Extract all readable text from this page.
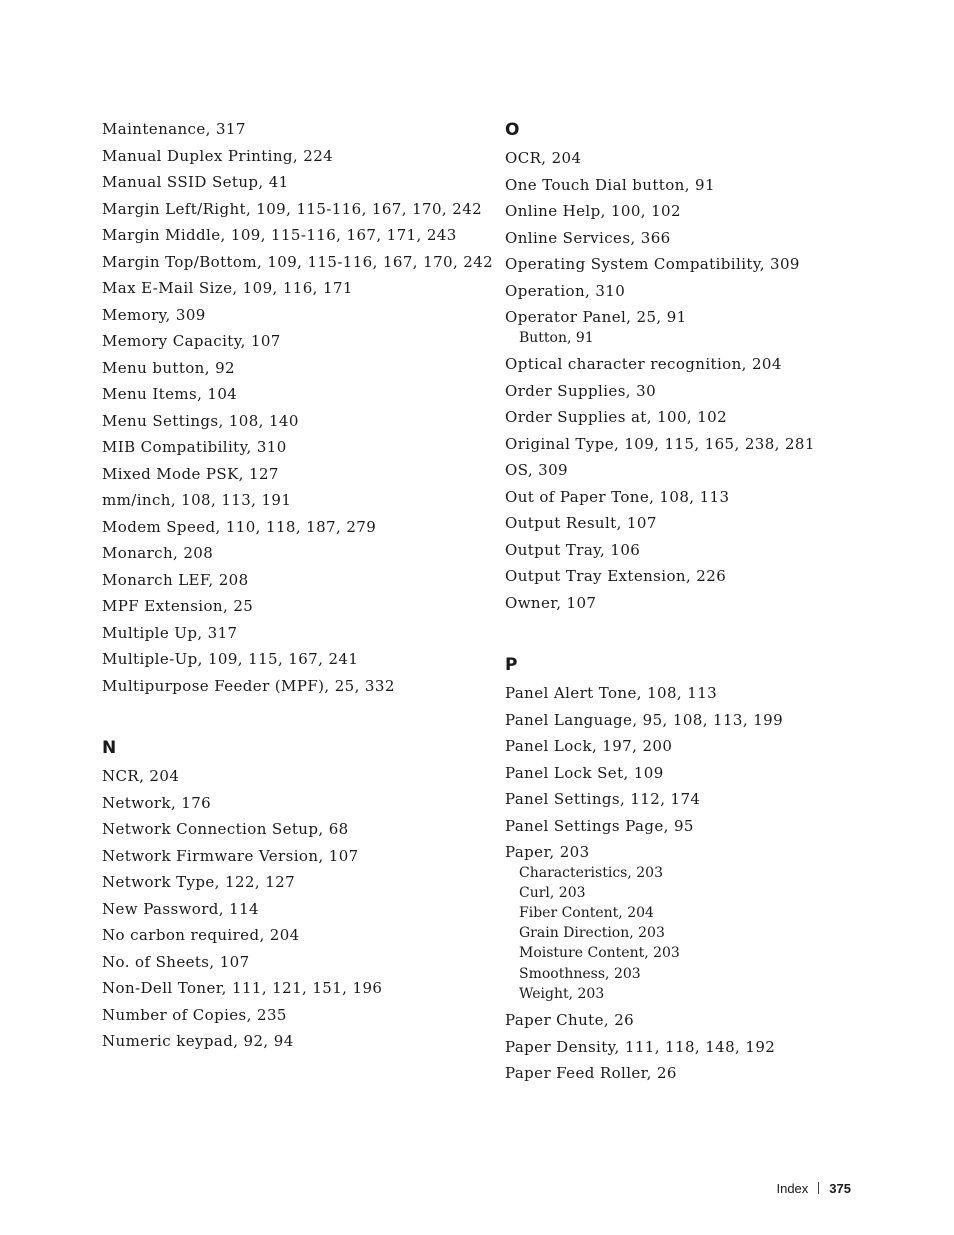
Maintenance, 317
Manual Duplex Printing, 224
Manual SSID Setup, 41
Margin Left/Right, 109, 115-116, 167, 170, 242
Margin Middle, 109, 115-116, 167, 171, 243
Margin Top/Bottom, 109, 115-116, 167, 170, 242
Max E-Mail Size, 109, 116, 171
Memory, 309
Memory Capacity, 107
Menu button, 92
Menu Items, 104
Menu Settings, 108, 140
MIB Compatibility, 310
Mixed Mode PSK, 127
mm/inch, 108, 113, 191
Modem Speed, 110, 118, 187, 279
Monarch, 208
Monarch LEF, 208
MPF Extension, 25
Multiple Up, 317
Multiple-Up, 109, 115, 167, 241
Multipurpose Feeder (MPF), 25, 332
N
NCR, 204
Network, 176
Network Connection Setup, 68
Network Firmware Version, 107
Network Type, 122, 127
New Password, 114
No carbon required, 204
No. of Sheets, 107
Non-Dell Toner, 111, 121, 151, 196
Number of Copies, 235
Numeric keypad, 92, 94
O
OCR, 204
One Touch Dial button, 91
Online Help, 100, 102
Online Services, 366
Operating System Compatibility, 309
Operation, 310
Operator Panel, 25, 91
Button, 91
Optical character recognition, 204
Order Supplies, 30
Order Supplies at, 100, 102
Original Type, 109, 115, 165, 238, 281
OS, 309
Out of Paper Tone, 108, 113
Output Result, 107
Output Tray, 106
Output Tray Extension, 226
Owner, 107
P
Panel Alert Tone, 108, 113
Panel Language, 95, 108, 113, 199
Panel Lock, 197, 200
Panel Lock Set, 109
Panel Settings, 112, 174
Panel Settings Page, 95
Paper, 203
Characteristics, 203
Curl, 203
Fiber Content, 204
Grain Direction, 203
Moisture Content, 203
Smoothness, 203
Weight, 203
Paper Chute, 26
Paper Density, 111, 118, 148, 192
Paper Feed Roller, 26
Index 375
